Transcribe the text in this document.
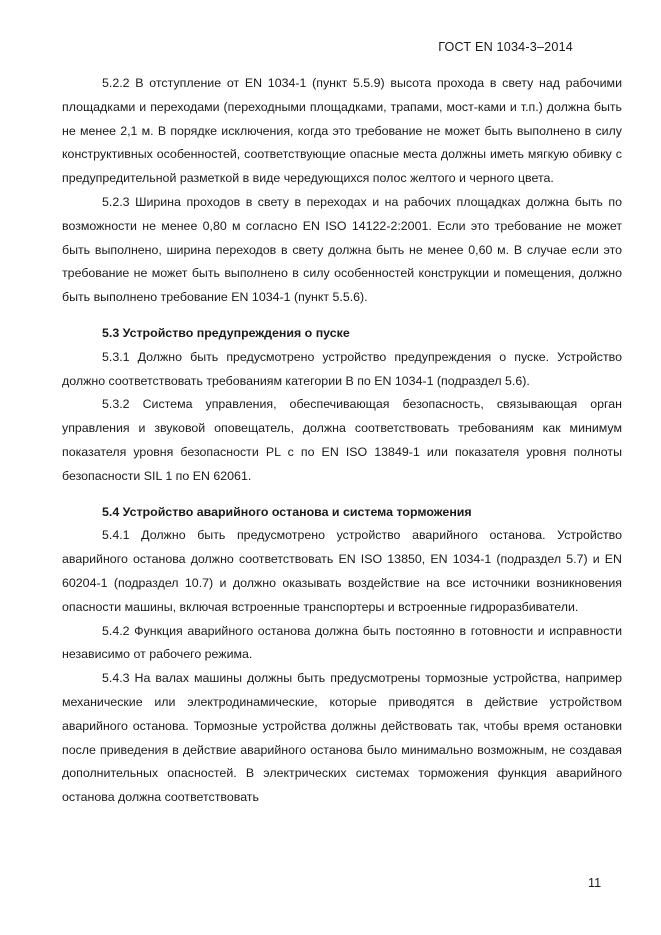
ГОСТ EN 1034-3–2014

5.2.2 В отступление от EN 1034-1 (пункт 5.5.9) высота прохода в свету над рабочими площадками и переходами (переходными площадками, трапами, мост-ками и т.п.) должна быть не менее 2,1 м. В порядке исключения, когда это требование не может быть выполнено в силу конструктивных особенностей, соответствующие опасные места должны иметь мягкую обивку с предупредительной разметкой в виде чередующихся полос желтого и черного цвета.

5.2.3 Ширина проходов в свету в переходах и на рабочих площадках должна быть по возможности не менее 0,80 м согласно EN ISO 14122-2:2001. Если это требование не может быть выполнено, ширина переходов в свету должна быть не менее 0,60 м. В случае если это требование не может быть выполнено в силу особенностей конструкции и помещения, должно быть выполнено требование EN 1034-1 (пункт 5.5.6).

5.3 Устройство предупреждения о пуске

5.3.1 Должно быть предусмотрено устройство предупреждения о пуске. Устройство должно соответствовать требованиям категории В по EN 1034-1 (подраздел 5.6).

5.3.2 Система управления, обеспечивающая безопасность, связывающая орган управления и звуковой оповещатель, должна соответствовать требованиям как минимум показателя уровня безопасности PL с по EN ISO 13849-1 или показателя уровня полноты безопасности SIL 1 по EN 62061.

5.4 Устройство аварийного останова и система торможения

5.4.1 Должно быть предусмотрено устройство аварийного останова. Устройство аварийного останова должно соответствовать EN ISO 13850, EN 1034-1 (подраздел 5.7) и EN 60204-1 (подраздел 10.7) и должно оказывать воздействие на все источники возникновения опасности машины, включая встроенные транспортеры и встроенные гидроразбиватели.

5.4.2 Функция аварийного останова должна быть постоянно в готовности и исправности независимо от рабочего режима.

5.4.3 На валах машины должны быть предусмотрены тормозные устройства, например механические или электродинамические, которые приводятся в действие устройством аварийного останова. Тормозные устройства должны действовать так, чтобы время остановки после приведения в действие аварийного останова было минимально возможным, не создавая дополнительных опасностей. В электрических системах торможения функция аварийного останова должна соответствовать

11
